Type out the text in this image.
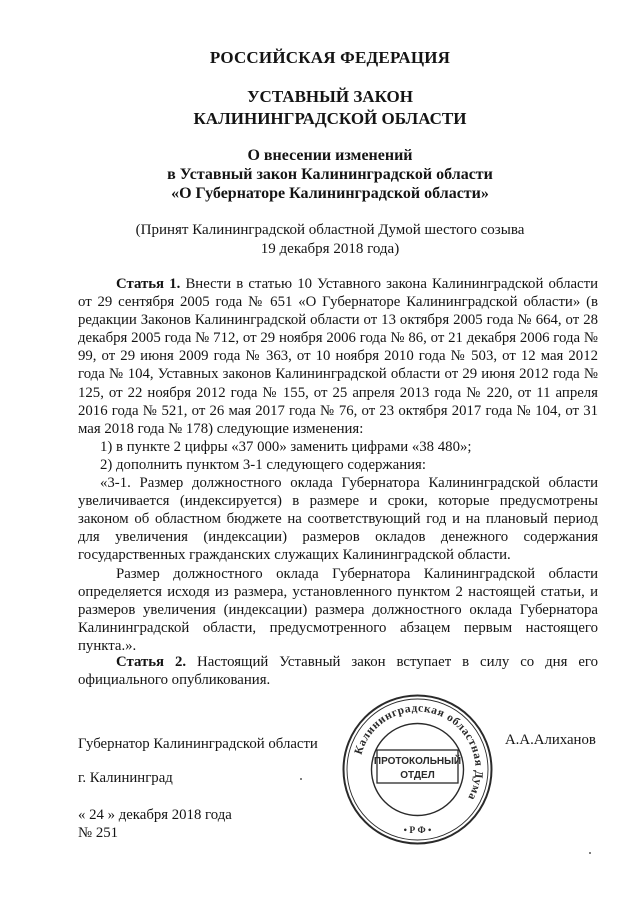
РОССИЙСКАЯ ФЕДЕРАЦИЯ
УСТАВНЫЙ ЗАКОН
КАЛИНИНГРАДСКОЙ ОБЛАСТИ
О внесении изменений
в Уставный закон Калининградской области
«О Губернаторе Калининградской области»
(Принят Калининградской областной Думой шестого созыва
19 декабря 2018 года)

Статья 1. Внести в статью 10 Уставного закона Калининградской области от 29 сентября 2005 года № 651 «О Губернаторе Калининградской области» (в редакции Законов Калининградской области от 13 октября 2005 года № 664, от 28 декабря 2005 года № 712, от 29 ноября 2006 года № 86, от 21 декабря 2006 года № 99, от 29 июня 2009 года № 363, от 10 ноября 2010 года № 503, от 12 мая 2012 года № 104, Уставных законов Калининградской области от 29 июня 2012 года № 125, от 22 ноября 2012 года № 155, от 25 апреля 2013 года № 220, от 11 апреля 2016 года № 521, от 26 мая 2017 года № 76, от 23 октября 2017 года № 104, от 31 мая 2018 года № 178) следующие изменения:

1) в пункте 2 цифры «37 000» заменить цифрами «38 480»;

2) дополнить пунктом 3-1 следующего содержания:

«3-1. Размер должностного оклада Губернатора Калининградской области увеличивается (индексируется) в размере и сроки, которые предусмотрены законом об областном бюджете на соответствующий год и на плановый период для увеличения (индексации) размеров окладов денежного содержания государственных гражданских служащих Калининградской области.

Размер должностного оклада Губернатора Калининградской области определяется исходя из размера, установленного пунктом 2 настоящей статьи, и размеров увеличения (индексации) размера должностного оклада Губернатора Калининградской области, предусмотренного абзацем первым настоящего пункта.».

Статья 2. Настоящий Уставный закон вступает в силу со дня его официального опубликования.

Губернатор Калининградской области	А.А.Алиханов
г. Калининград
« 24 » декабря 2018 года
№ 251
Калининградская областная Дума
ПРОТОКОЛЬНЫЙ
ОТДЕЛ
• Р Ф •
